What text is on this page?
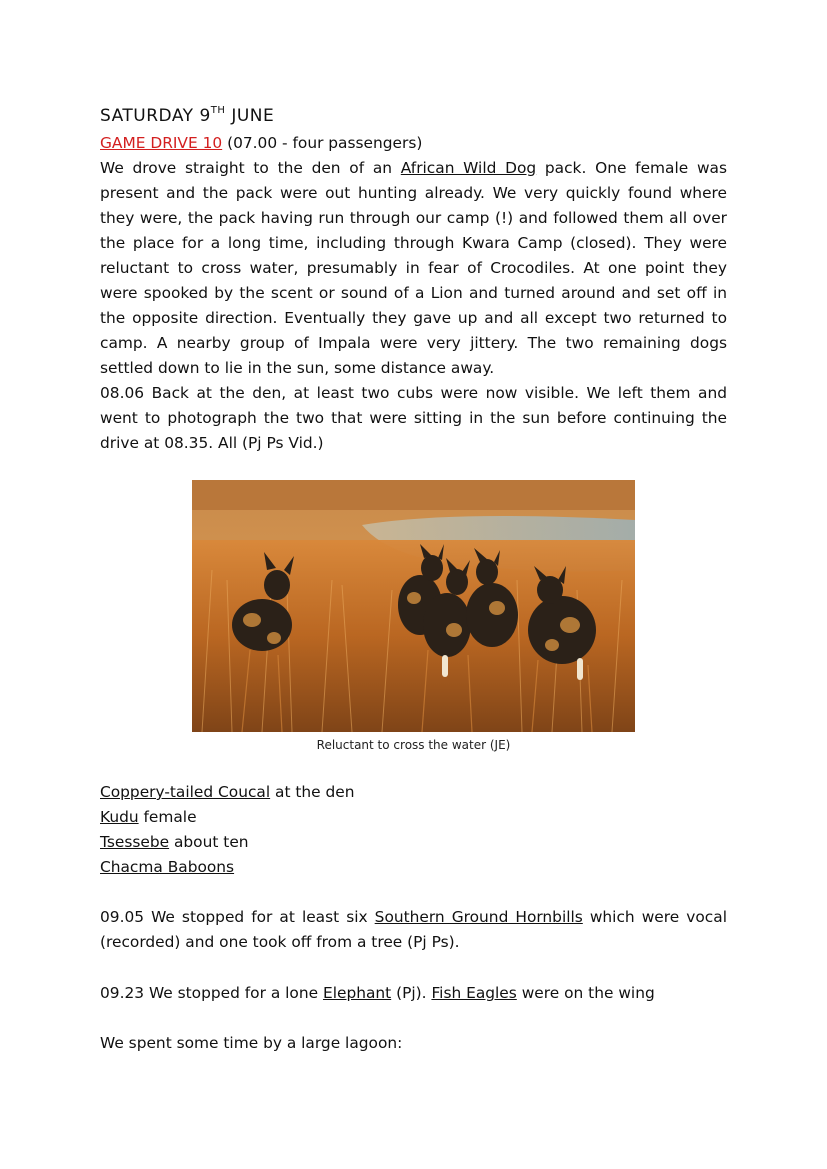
SATURDAY 9TH JUNE

GAME DRIVE 10 (07.00 - four passengers)

We drove straight to the den of an African Wild Dog pack. One female was present and the pack were out hunting already. We very quickly found where they were, the pack having run through our camp (!) and followed them all over the place for a long time, including through Kwara Camp (closed). They were reluctant to cross water, presumably in fear of Crocodiles. At one point they were spooked by the scent or sound of a Lion and turned around and set off in the opposite direction. Eventually they gave up and all except two returned to camp. A nearby group of Impala were very jittery. The two remaining dogs settled down to lie in the sun, some distance away.

08.06 Back at the den, at least two cubs were now visible. We left them and went to photograph the two that were sitting in the sun before continuing the drive at 08.35. All (Pj Ps Vid.)

Reluctant to cross the water (JE)

Coppery-tailed Coucal at the den

Kudu female

Tsessebe about ten

Chacma Baboons

09.05 We stopped for at least six Southern Ground Hornbills which were vocal (recorded) and one took off from a tree (Pj Ps).

09.23 We stopped for a lone Elephant (Pj). Fish Eagles were on the wing

We spent some time by a large lagoon:
